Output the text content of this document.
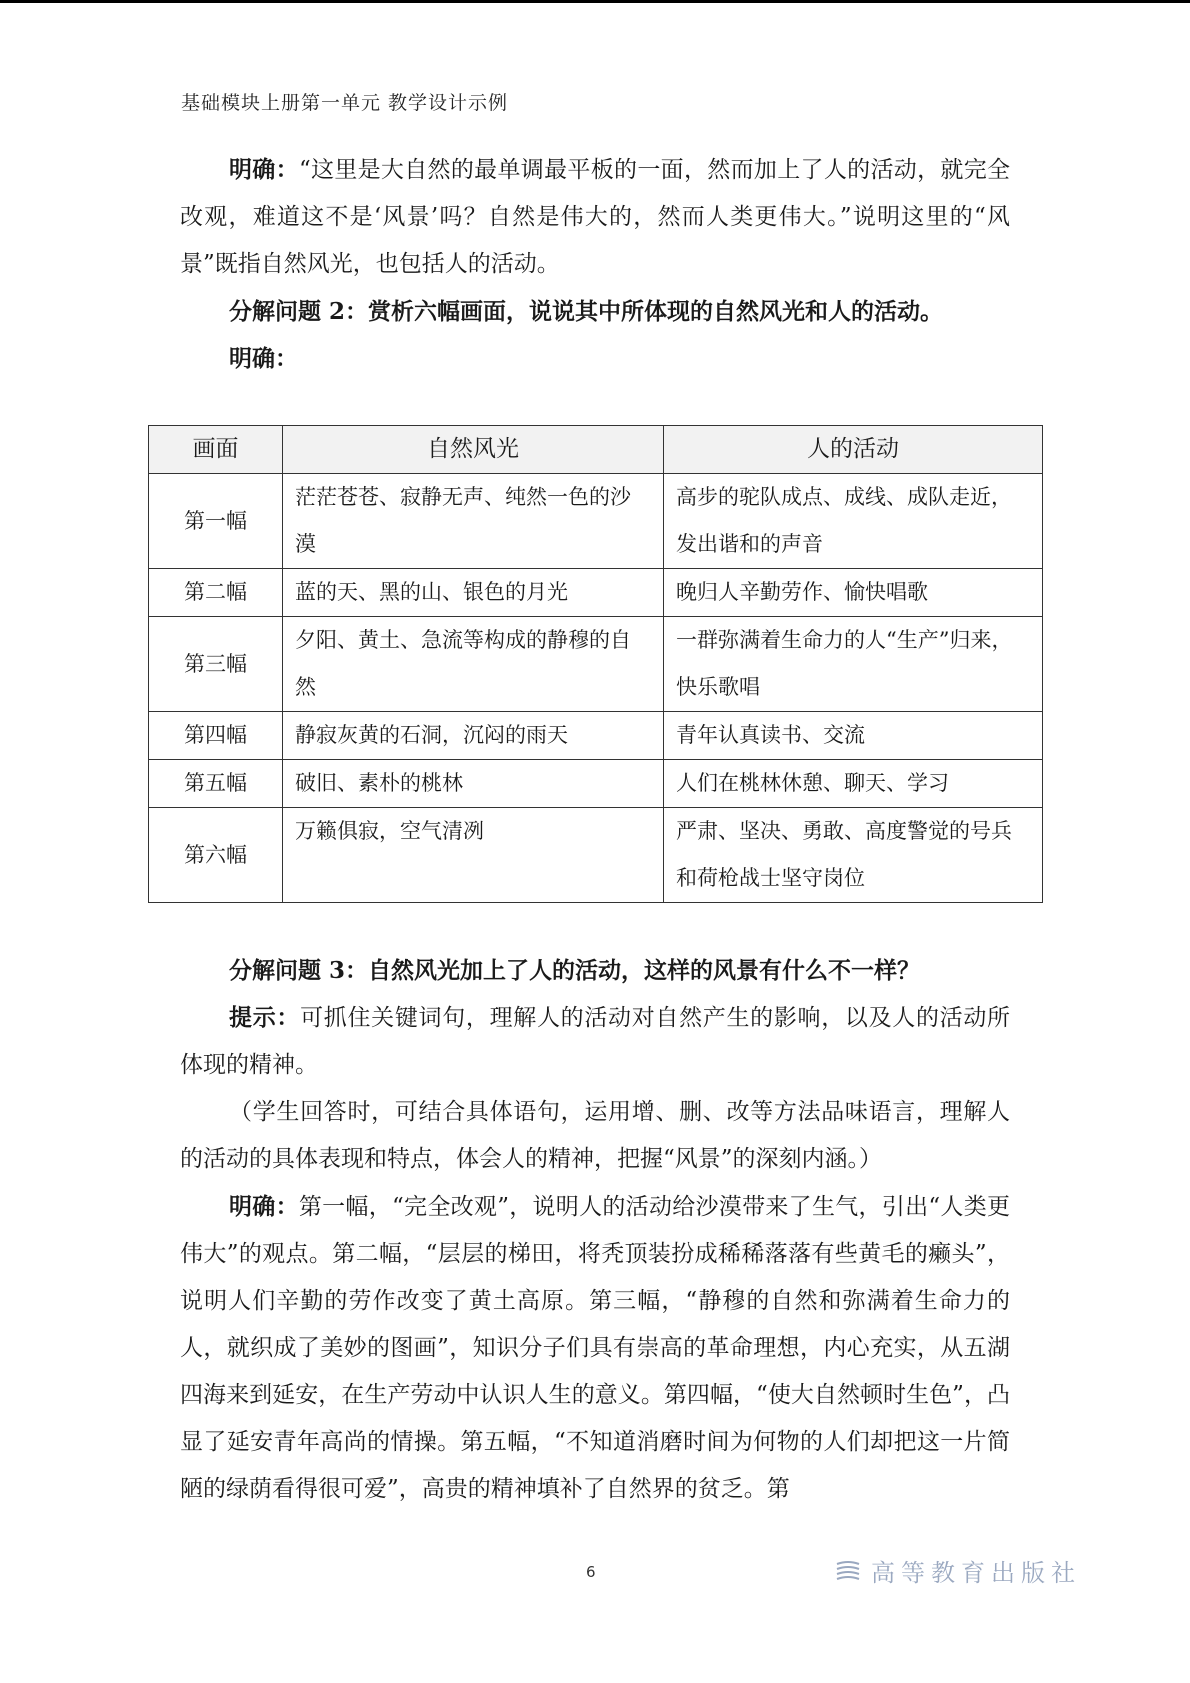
基础模块上册第一单元 教学设计示例

明确：“这里是大自然的最单调最平板的一面，然而加上了人的活动，就完全改观，难道这不是‘风景’吗？自然是伟大的，然而人类更伟大。”说明这里的“风景”既指自然风光，也包括人的活动。

分解问题 2：赏析六幅画面，说说其中所体现的自然风光和人的活动。

明确：

画面	自然风光	人的活动
第一幅	茫茫苍苍、寂静无声、纯然一色的沙漠	高步的驼队成点、成线、成队走近，发出谐和的声音
第二幅	蓝的天、黑的山、银色的月光	晚归人辛勤劳作、愉快唱歌
第三幅	夕阳、黄土、急流等构成的静穆的自然	一群弥满着生命力的人“生产”归来，快乐歌唱
第四幅	静寂灰黄的石洞，沉闷的雨天	青年认真读书、交流
第五幅	破旧、素朴的桃林	人们在桃林休憩、聊天、学习
第六幅	万籁俱寂，空气清冽	严肃、坚决、勇敢、高度警觉的号兵和荷枪战士坚守岗位

分解问题 3：自然风光加上了人的活动，这样的风景有什么不一样？

提示：可抓住关键词句，理解人的活动对自然产生的影响，以及人的活动所体现的精神。

（学生回答时，可结合具体语句，运用增、删、改等方法品味语言，理解人的活动的具体表现和特点，体会人的精神，把握“风景”的深刻内涵。）

明确：第一幅，“完全改观”，说明人的活动给沙漠带来了生气，引出“人类更伟大”的观点。第二幅，“层层的梯田，将秃顶装扮成稀稀落落有些黄毛的癞头”，说明人们辛勤的劳作改变了黄土高原。第三幅，“静穆的自然和弥满着生命力的人，就织成了美妙的图画”，知识分子们具有崇高的革命理想，内心充实，从五湖四海来到延安，在生产劳动中认识人生的意义。第四幅，“使大自然顿时生色”，凸显了延安青年高尚的情操。第五幅，“不知道消磨时间为何物的人们却把这一片简陋的绿荫看得很可爱”，高贵的精神填补了自然界的贫乏。第

6	高等教育出版社
